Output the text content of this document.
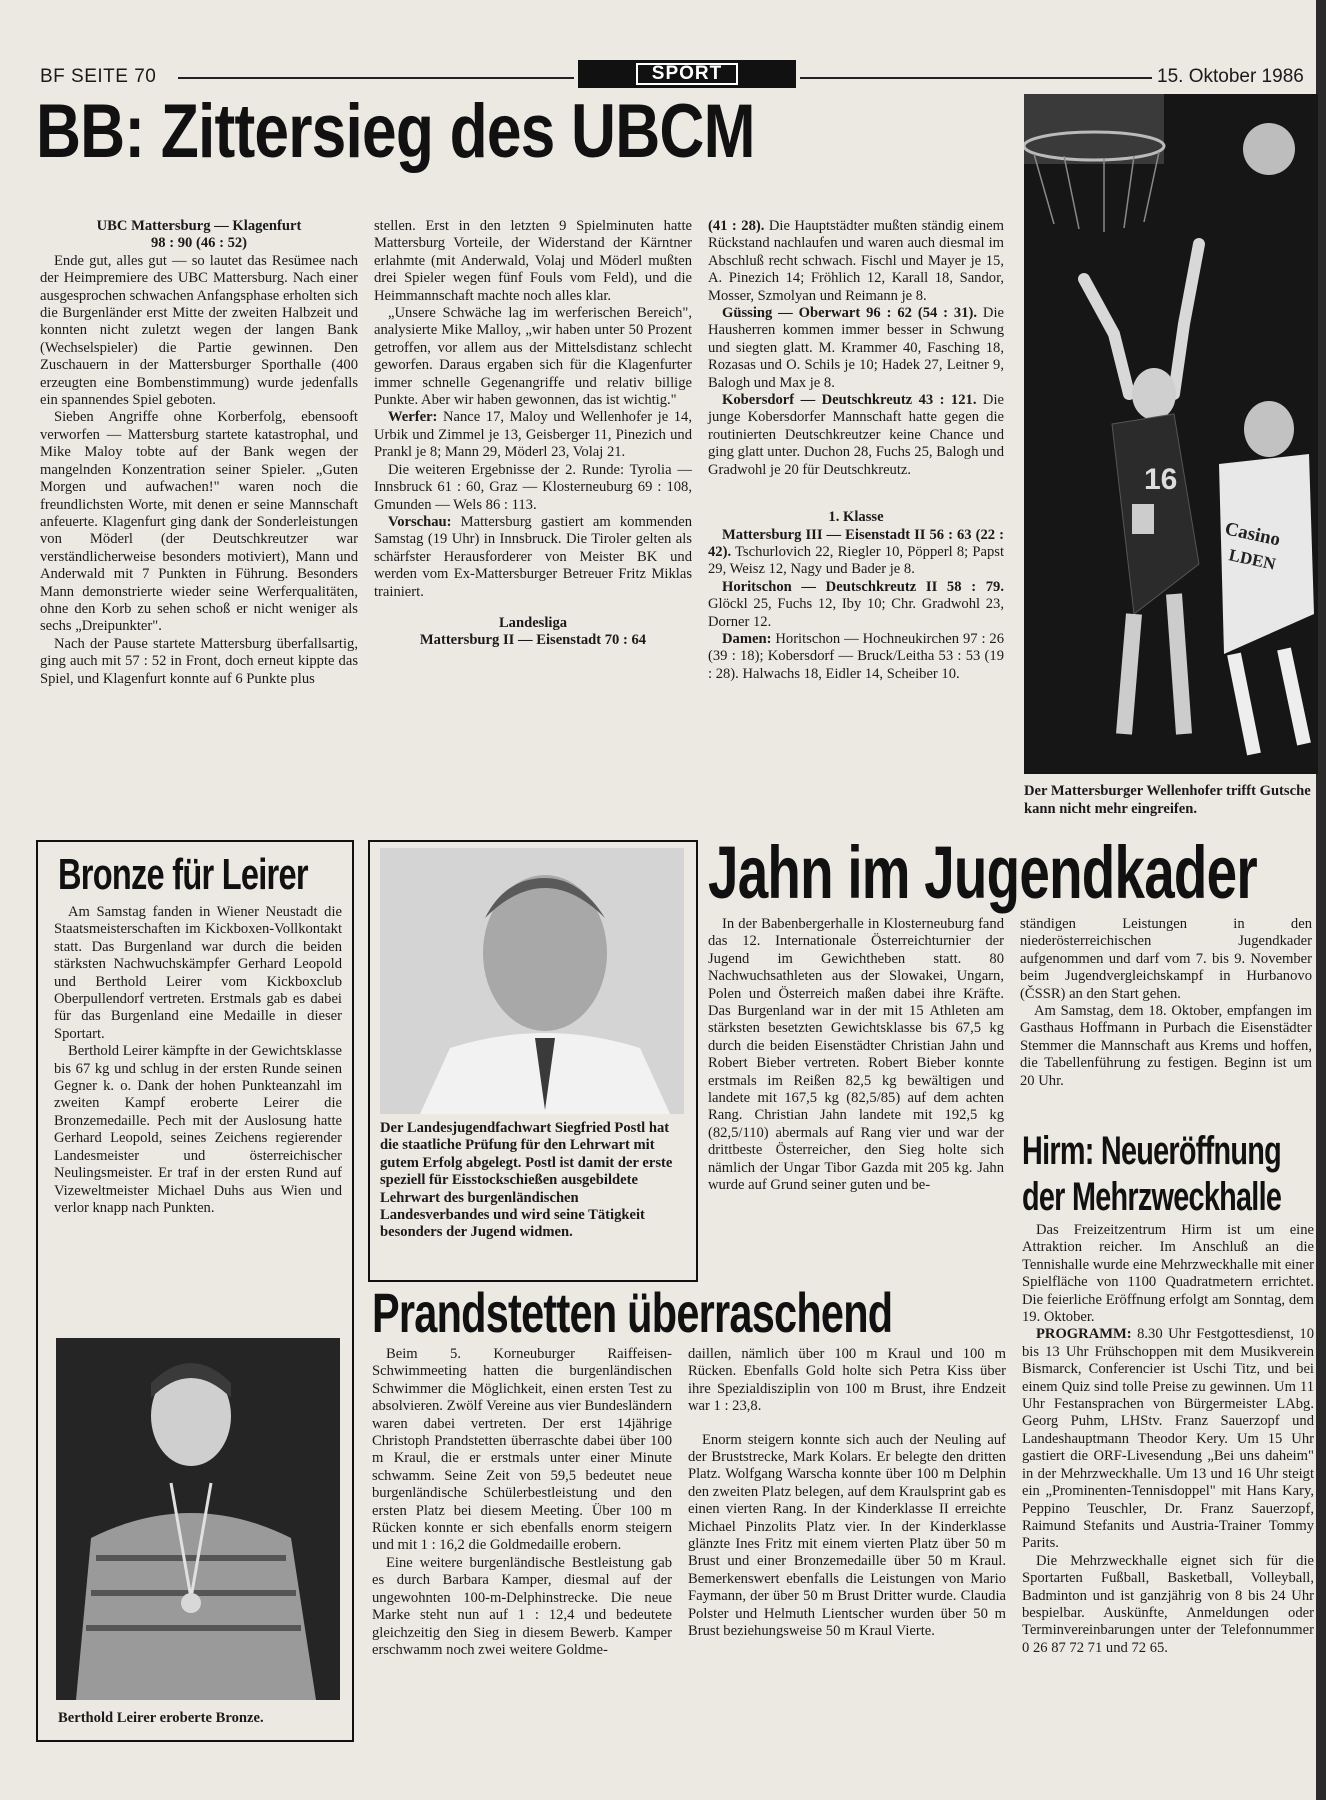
BF SEITE 70	SPORT	15. Oktober 1986
BB: Zittersieg des UBCM
UBC Mattersburg — Klagenfurt
98 : 90 (46 : 52)

Ende gut, alles gut — so lautet das Resümee nach der Heimpremiere des UBC Mattersburg. Nach einer ausgesprochen schwachen Anfangsphase erholten sich die Burgenländer erst Mitte der zweiten Halbzeit und konnten nicht zuletzt wegen der langen Bank (Wechselspieler) die Partie gewinnen. Den Zuschauern in der Mattersburger Sporthalle (400 erzeugten eine Bombenstimmung) wurde jedenfalls ein spannendes Spiel geboten.

Sieben Angriffe ohne Korberfolg, ebensooft verworfen — Mattersburg startete katastrophal, und Mike Maloy tobte auf der Bank wegen der mangelnden Konzentration seiner Spieler. „Guten Morgen und aufwachen!" waren noch die freundlichsten Worte, mit denen er seine Mannschaft anfeuerte. Klagenfurt ging dank der Sonderleistungen von Möderl (der Deutschkreutzer war verständlicherweise besonders motiviert), Mann und Anderwald mit 7 Punkten in Führung. Besonders Mann demonstrierte wieder seine Werferqualitäten, ohne den Korb zu sehen schoß er nicht weniger als sechs „Dreipunkter".

Nach der Pause startete Mattersburg überfallsartig, ging auch mit 57 : 52 in Front, doch erneut kippte das Spiel, und Klagenfurt konnte auf 6 Punkte plus

stellen. Erst in den letzten 9 Spielminuten hatte Mattersburg Vorteile, der Widerstand der Kärntner erlahmte (mit Anderwald, Volaj und Möderl mußten drei Spieler wegen fünf Fouls vom Feld), und die Heimmannschaft machte noch alles klar.

„Unsere Schwäche lag im werferischen Bereich", analysierte Mike Malloy, „wir haben unter 50 Prozent getroffen, vor allem aus der Mittelsdistanz schlecht geworfen. Daraus ergaben sich für die Klagenfurter immer schnelle Gegenangriffe und relativ billige Punkte. Aber wir haben gewonnen, das ist wichtig."

Werfer: Nance 17, Maloy und Wellenhofer je 14, Urbik und Zimmel je 13, Geisberger 11, Pinezich und Prankl je 8; Mann 29, Möderl 23, Volaj 21.

Die weiteren Ergebnisse der 2. Runde: Tyrolia — Innsbruck 61 : 60, Graz — Klosterneuburg 69 : 108, Gmunden — Wels 86 : 113.

Vorschau: Mattersburg gastiert am kommenden Samstag (19 Uhr) in Innsbruck. Die Tiroler gelten als schärfster Herausforderer von Meister BK und werden vom Ex-Mattersburger Betreuer Fritz Miklas trainiert.

Landesliga
Mattersburg II — Eisenstadt 70 : 64

(41 : 28). Die Hauptstädter mußten ständig einem Rückstand nachlaufen und waren auch diesmal im Abschluß recht schwach. Fischl und Mayer je 15, A. Pinezich 14; Fröhlich 12, Karall 18, Sandor, Mosser, Szmolyan und Reimann je 8.

Güssing — Oberwart 96 : 62 (54 : 31). Die Hausherren kommen immer besser in Schwung und siegten glatt. M. Krammer 40, Fasching 18, Rozasas und O. Schils je 10; Hadek 27, Leitner 9, Balogh und Max je 8.

Kobersdorf — Deutschkreutz 43 : 121. Die junge Kobersdorfer Mannschaft hatte gegen die routinierten Deutschkreutzer keine Chance und ging glatt unter. Duchon 28, Fuchs 25, Balogh und Gradwohl je 20 für Deutschkreutz.

1. Klasse

Mattersburg III — Eisenstadt II 56 : 63 (22 : 42). Tschurlovich 22, Riegler 10, Pöpperl 8; Papst 29, Weisz 12, Nagy und Bader je 8.

Horitschon — Deutschkreutz II 58 : 79. Glöckl 25, Fuchs 12, Iby 10; Chr. Gradwohl 23, Dorner 12.

Damen: Horitschon — Hochneukirchen 97 : 26 (39 : 18); Kobersdorf — Bruck/Leitha 53 : 53 (19 : 28). Halwachs 18, Eidler 14, Scheiber 10.

16
Casino
LDEN
Der Mattersburger Wellenhofer trifft Gutsche kann nicht mehr eingreifen.
Bronze für Leirer

Am Samstag fanden in Wiener Neustadt die Staatsmeisterschaften im Kickboxen-Vollkontakt statt. Das Burgenland war durch die beiden stärksten Nachwuchskämpfer Gerhard Leopold und Berthold Leirer vom Kickboxclub Oberpullendorf vertreten. Erstmals gab es dabei für das Burgenland eine Medaille in dieser Sportart.

Berthold Leirer kämpfte in der Gewichtsklasse bis 67 kg und schlug in der ersten Runde seinen Gegner k. o. Dank der hohen Punkteanzahl im zweiten Kampf eroberte Leirer die Bronzemedaille. Pech mit der Auslosung hatte Gerhard Leopold, seines Zeichens regierender Landesmeister und österreichischer Neulingsmeister. Er traf in der ersten Rund auf Vizeweltmeister Michael Duhs aus Wien und verlor knapp nach Punkten.

Berthold Leirer eroberte Bronze.
Der Landesjugendfachwart Siegfried Postl hat die staatliche Prüfung für den Lehrwart mit gutem Erfolg abgelegt. Postl ist damit der erste speziell für Eisstockschießen ausgebildete Lehrwart des burgenländischen Landesverbandes und wird seine Tätigkeit besonders der Jugend widmen.
Jahn im Jugendkader

In der Babenbergerhalle in Klosterneuburg fand das 12. Internationale Österreichturnier der Jugend im Gewichtheben statt. 80 Nachwuchsathleten aus der Slowakei, Ungarn, Polen und Österreich maßen dabei ihre Kräfte. Das Burgenland war in der mit 15 Athleten am stärksten besetzten Gewichtsklasse bis 67,5 kg durch die beiden Eisenstädter Christian Jahn und Robert Bieber vertreten. Robert Bieber konnte erstmals im Reißen 82,5 kg bewältigen und landete mit 167,5 kg (82,5/85) auf dem achten Rang. Christian Jahn landete mit 192,5 kg (82,5/110) abermals auf Rang vier und war der drittbeste Österreicher, den Sieg holte sich nämlich der Ungar Tibor Gazda mit 205 kg. Jahn wurde auf Grund seiner guten und be-

ständigen Leistungen in den niederösterreichischen Jugendkader aufgenommen und darf vom 7. bis 9. November beim Jugendvergleichskampf in Hurbanovo (ČSSR) an den Start gehen.

Am Samstag, dem 18. Oktober, empfangen im Gasthaus Hoffmann in Purbach die Eisenstädter Stemmer die Mannschaft aus Krems und hoffen, die Tabellenführung zu festigen. Beginn ist um 20 Uhr.

Hirm: Neueröffnung
der Mehrzweckhalle

Das Freizeitzentrum Hirm ist um eine Attraktion reicher. Im Anschluß an die Tennishalle wurde eine Mehrzweckhalle mit einer Spielfläche von 1100 Quadratmetern errichtet. Die feierliche Eröffnung erfolgt am Sonntag, dem 19. Oktober.

PROGRAMM: 8.30 Uhr Festgottesdienst, 10 bis 13 Uhr Frühschoppen mit dem Musikverein Bismarck, Conferencier ist Uschi Titz, und bei einem Quiz sind tolle Preise zu gewinnen. Um 11 Uhr Festansprachen von Bürgermeister LAbg. Georg Puhm, LHStv. Franz Sauerzopf und Landeshauptmann Theodor Kery. Um 15 Uhr gastiert die ORF-Livesendung „Bei uns daheim" in der Mehrzweckhalle. Um 13 und 16 Uhr steigt ein „Prominenten-Tennisdoppel" mit Hans Kary, Peppino Teuschler, Dr. Franz Sauerzopf, Raimund Stefanits und Austria-Trainer Tommy Parits.

Die Mehrzweckhalle eignet sich für die Sportarten Fußball, Basketball, Volleyball, Badminton und ist ganzjährig von 8 bis 24 Uhr bespielbar. Auskünfte, Anmeldungen oder Terminvereinbarungen unter der Telefonnummer 0 26 87 72 71 und 72 65.

Prandstetten überraschend

Beim 5. Korneuburger Raiffeisen-Schwimmeeting hatten die burgenländischen Schwimmer die Möglichkeit, einen ersten Test zu absolvieren. Zwölf Vereine aus vier Bundesländern waren dabei vertreten. Der erst 14jährige Christoph Prandstetten überraschte dabei über 100 m Kraul, die er erstmals unter einer Minute schwamm. Seine Zeit von 59,5 bedeutet neue burgenländische Schülerbestleistung und den ersten Platz bei diesem Meeting. Über 100 m Rücken konnte er sich ebenfalls enorm steigern und mit 1 : 16,2 die Goldmedaille erobern.

Eine weitere burgenländische Bestleistung gab es durch Barbara Kamper, diesmal auf der ungewohnten 100-m-Delphinstrecke. Die neue Marke steht nun auf 1 : 12,4 und bedeutete gleichzeitig den Sieg in diesem Bewerb. Kamper erschwamm noch zwei weitere Goldme-

daillen, nämlich über 100 m Kraul und 100 m Rücken. Ebenfalls Gold holte sich Petra Kiss über ihre Spezialdisziplin von 100 m Brust, ihre Endzeit war 1 : 23,8.

Enorm steigern konnte sich auch der Neuling auf der Bruststrecke, Mark Kolars. Er belegte den dritten Platz. Wolfgang Warscha konnte über 100 m Delphin den zweiten Platz belegen, auf dem Kraulsprint gab es einen vierten Rang. In der Kinderklasse II erreichte Michael Pinzolits Platz vier. In der Kinderklasse glänzte Ines Fritz mit einem vierten Platz über 50 m Brust und einer Bronzemedaille über 50 m Kraul. Bemerkenswert ebenfalls die Leistungen von Mario Faymann, der über 50 m Brust Dritter wurde. Claudia Polster und Helmuth Lientscher wurden über 50 m Brust beziehungsweise 50 m Kraul Vierte.
